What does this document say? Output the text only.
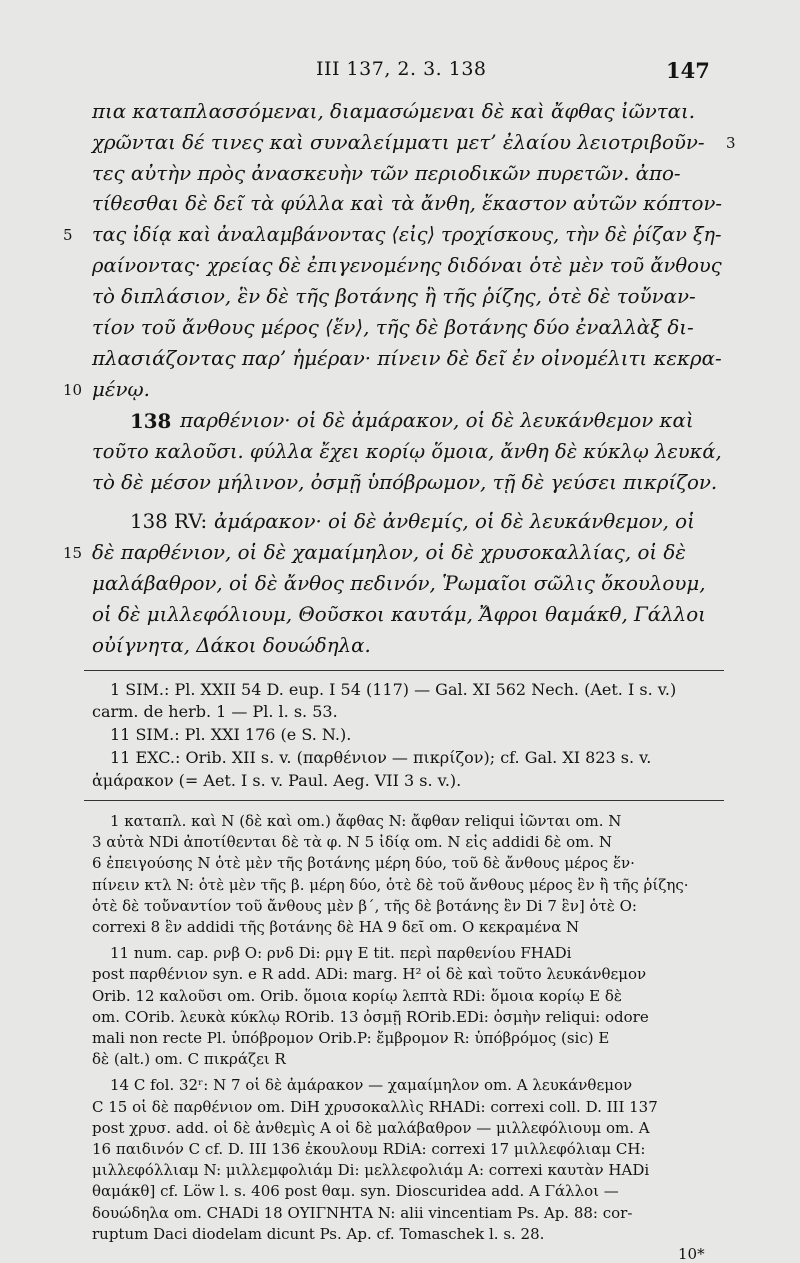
III 137, 2. 3. 138	147
πια καταπλασσόμεναι, διαμασώμεναι δὲ καὶ ἄφθας ἰῶνται.
χρῶνται δέ τινες καὶ συναλείμματι μετ’ ἐλαίου λειοτριβοῦν- 3
τες αὐτὴν πρὸς ἀνασκευὴν τῶν περιοδικῶν πυρετῶν. ἀπο-
τίθεσθαι δὲ δεῖ τὰ φύλλα καὶ τὰ ἄνθη, ἕκαστον αὐτῶν κόπτον-
5 τας ἰδίᾳ καὶ ἀναλαμβάνοντας ⟨εἰς⟩ τροχίσκους, τὴν δὲ ῥίζαν ξη-
ραίνοντας· χρείας δὲ ἐπιγενομένης διδόναι ὁτὲ μὲν τοῦ ἄνθους
τὸ διπλάσιον, ἓν δὲ τῆς βοτάνης ἢ τῆς ῥίζης, ὁτὲ δὲ τοὔναν-
τίον τοῦ ἄνθους μέρος ⟨ἕν⟩, τῆς δὲ βοτάνης δύο ἐναλλὰξ δι-
πλασιάζοντας παρ’ ἡμέραν· πίνειν δὲ δεῖ ἐν οἰνομέλιτι κεκρα-
10 μένῳ.
138 παρθένιον· οἱ δὲ ἀμάρακον, οἱ δὲ λευκάνθεμον καὶ
τοῦτο καλοῦσι. φύλλα ἔχει κορίῳ ὅμοια, ἄνθη δὲ κύκλῳ λευκά,
τὸ δὲ μέσον μήλινον, ὀσμῇ ὑπόβρωμον, τῇ δὲ γεύσει πικρίζον.
138 RV: ἀμάρακον· οἱ δὲ ἀνθεμίς, οἱ δὲ λευκάνθεμον, οἱ
15 δὲ παρθένιον, οἱ δὲ χαμαίμηλον, οἱ δὲ χρυσοκαλλίας, οἱ δὲ
μαλάβαθρον, οἱ δὲ ἄνθος πεδινόν, Ῥωμαῖοι σῶλις ὄκουλουμ,
οἱ δὲ μιλλεφόλιουμ, Θοῦσκοι καυτάμ, Ἄφροι θαμάκθ, Γάλλοι
οὐίγνητα, Δάκοι δουώδηλα.
1 SIM.: Pl. XXII 54 D. eup. I 54 (117) — Gal. XI 562 Nech. (Aet. I s. v.)
carm. de herb. 1 — Pl. l. s. 53.
11 SIM.: Pl. XXI 176 (e S. N.).
11 EXC.: Orib. XII s. v. (παρθένιον — πικρίζον); cf. Gal. XI 823 s. v.
ἀμάρακον (= Aet. I s. v. Paul. Aeg. VII 3 s. v.).
1 καταπλ. καὶ N (δὲ καὶ om.) ἄφθας N: ἄφθαν reliqui ἰῶνται om. N
3 αὐτὰ NDi ἀποτίθενται δὲ τὰ φ. N 5 ἰδίᾳ om. N εἰς addidi δὲ om. N
6 ἐπειγούσης N ὁτὲ μὲν τῆς βοτάνης μέρη δύο, τοῦ δὲ ἄνθους μέρος ἕν·
πίνειν κτλ N: ὁτὲ μὲν τῆς β. μέρη δύο, ὁτὲ δὲ τοῦ ἄνθους μέρος ἓν ἢ τῆς ῥίζης·
ὁτὲ δὲ τοὔναντίον τοῦ ἄνθους μὲν β΄, τῆς δὲ βοτάνης ἓν Di 7 ἓν] ὁτὲ O:
correxi 8 ἓν addidi τῆς βοτάνης δὲ HA 9 δεῖ om. O κεκραμένα N
11 num. cap. ρνβ O: ρνδ Di: ρμγ E tit. περὶ παρθενίου FHADi
post παρθένιον syn. e R add. ADi: marg. H² οἱ δὲ καὶ τοῦτο λευκάνθεμον
Orib. 12 καλοῦσι om. Orib. ὅμοια κορίῳ λεπτὰ RDi: ὅμοια κορίῳ E δὲ
om. COrib. λευκὰ κύκλῳ ROrib. 13 ὀσμῇ ROrib.EDi: ὀσμὴν reliqui: odore
mali non recte Pl. ὑπόβρομον Orib.P: ἔμβρομον R: ὑπόβρόμος (sic) E
δὲ (alt.) om. C πικράζει R
14 C fol. 32ʳ: N 7 οἱ δὲ ἀμάρακον — χαμαίμηλον om. A λευκάνθεμον
C 15 οἱ δὲ παρθένιον om. DiH χρυσοκαλλὶς RHADi: correxi coll. D. III 137
post χρυσ. add. οἱ δὲ ἀνθεμὶς A οἱ δὲ μαλάβαθρον — μιλλεφόλιουμ om. A
16 παιδινόν C cf. D. III 136 ἐκουλουμ RDiA: correxi 17 μιλλεφόλιαμ CH:
μιλλεφόλλιαμ N: μιλλεμφολιάμ Di: μελλεφολιάμ A: correxi καυτὰν HADi
θαμάκθ] cf. Löw l. s. 406 post θαμ. syn. Dioscuridea add. A Γάλλοι —
δουώδηλα om. CHADi 18 ΟΥΙΓΝΗΤΑ N: alii vincentiam Ps. Ap. 88: cor-
ruptum Daci diodelam dicunt Ps. Ap. cf. Tomaschek l. s. 28.
10*
